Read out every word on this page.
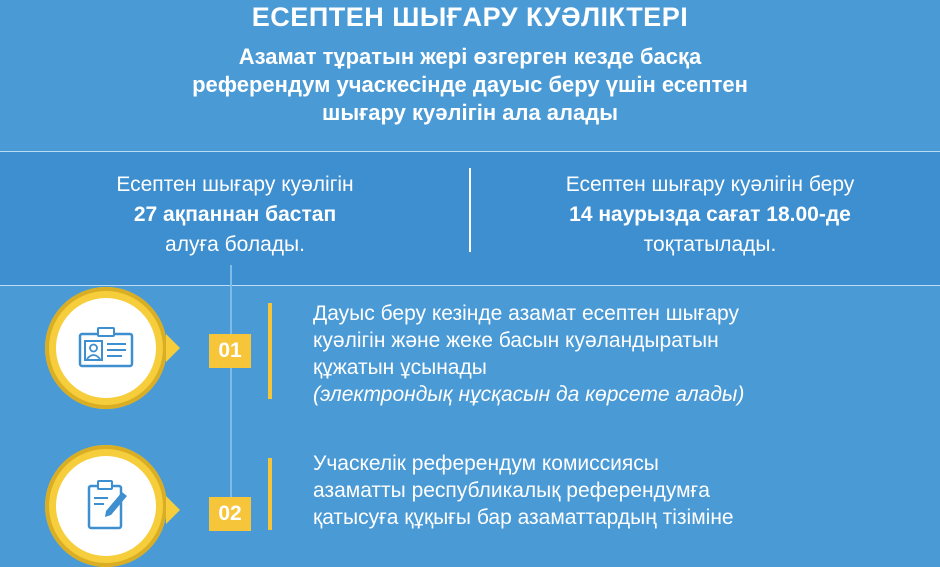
ЕСЕПТЕН ШЫҒАРУ КУӘЛІКТЕРІ
Азамат тұратын жері өзгерген кезде басқа
референдум учаскесінде дауыс беру үшін есептен
шығару куәлігін ала алады
Есептен шығару куәлігін
27 ақпаннан бастап
алуға болады.
Есептен шығару куәлігін беру
14 наурызда сағат 18.00-де
тоқтатылады.
01
Дауыс беру кезінде азамат есептен шығару
куәлігін және жеке басын куәландыратын
құжатын ұсынады
(электрондық нұсқасын да көрсете алады)
02
Учаскелік референдум комиссиясы
азаматты республикалық референдумға
қатысуға құқығы бар азаматтардың тізіміне
